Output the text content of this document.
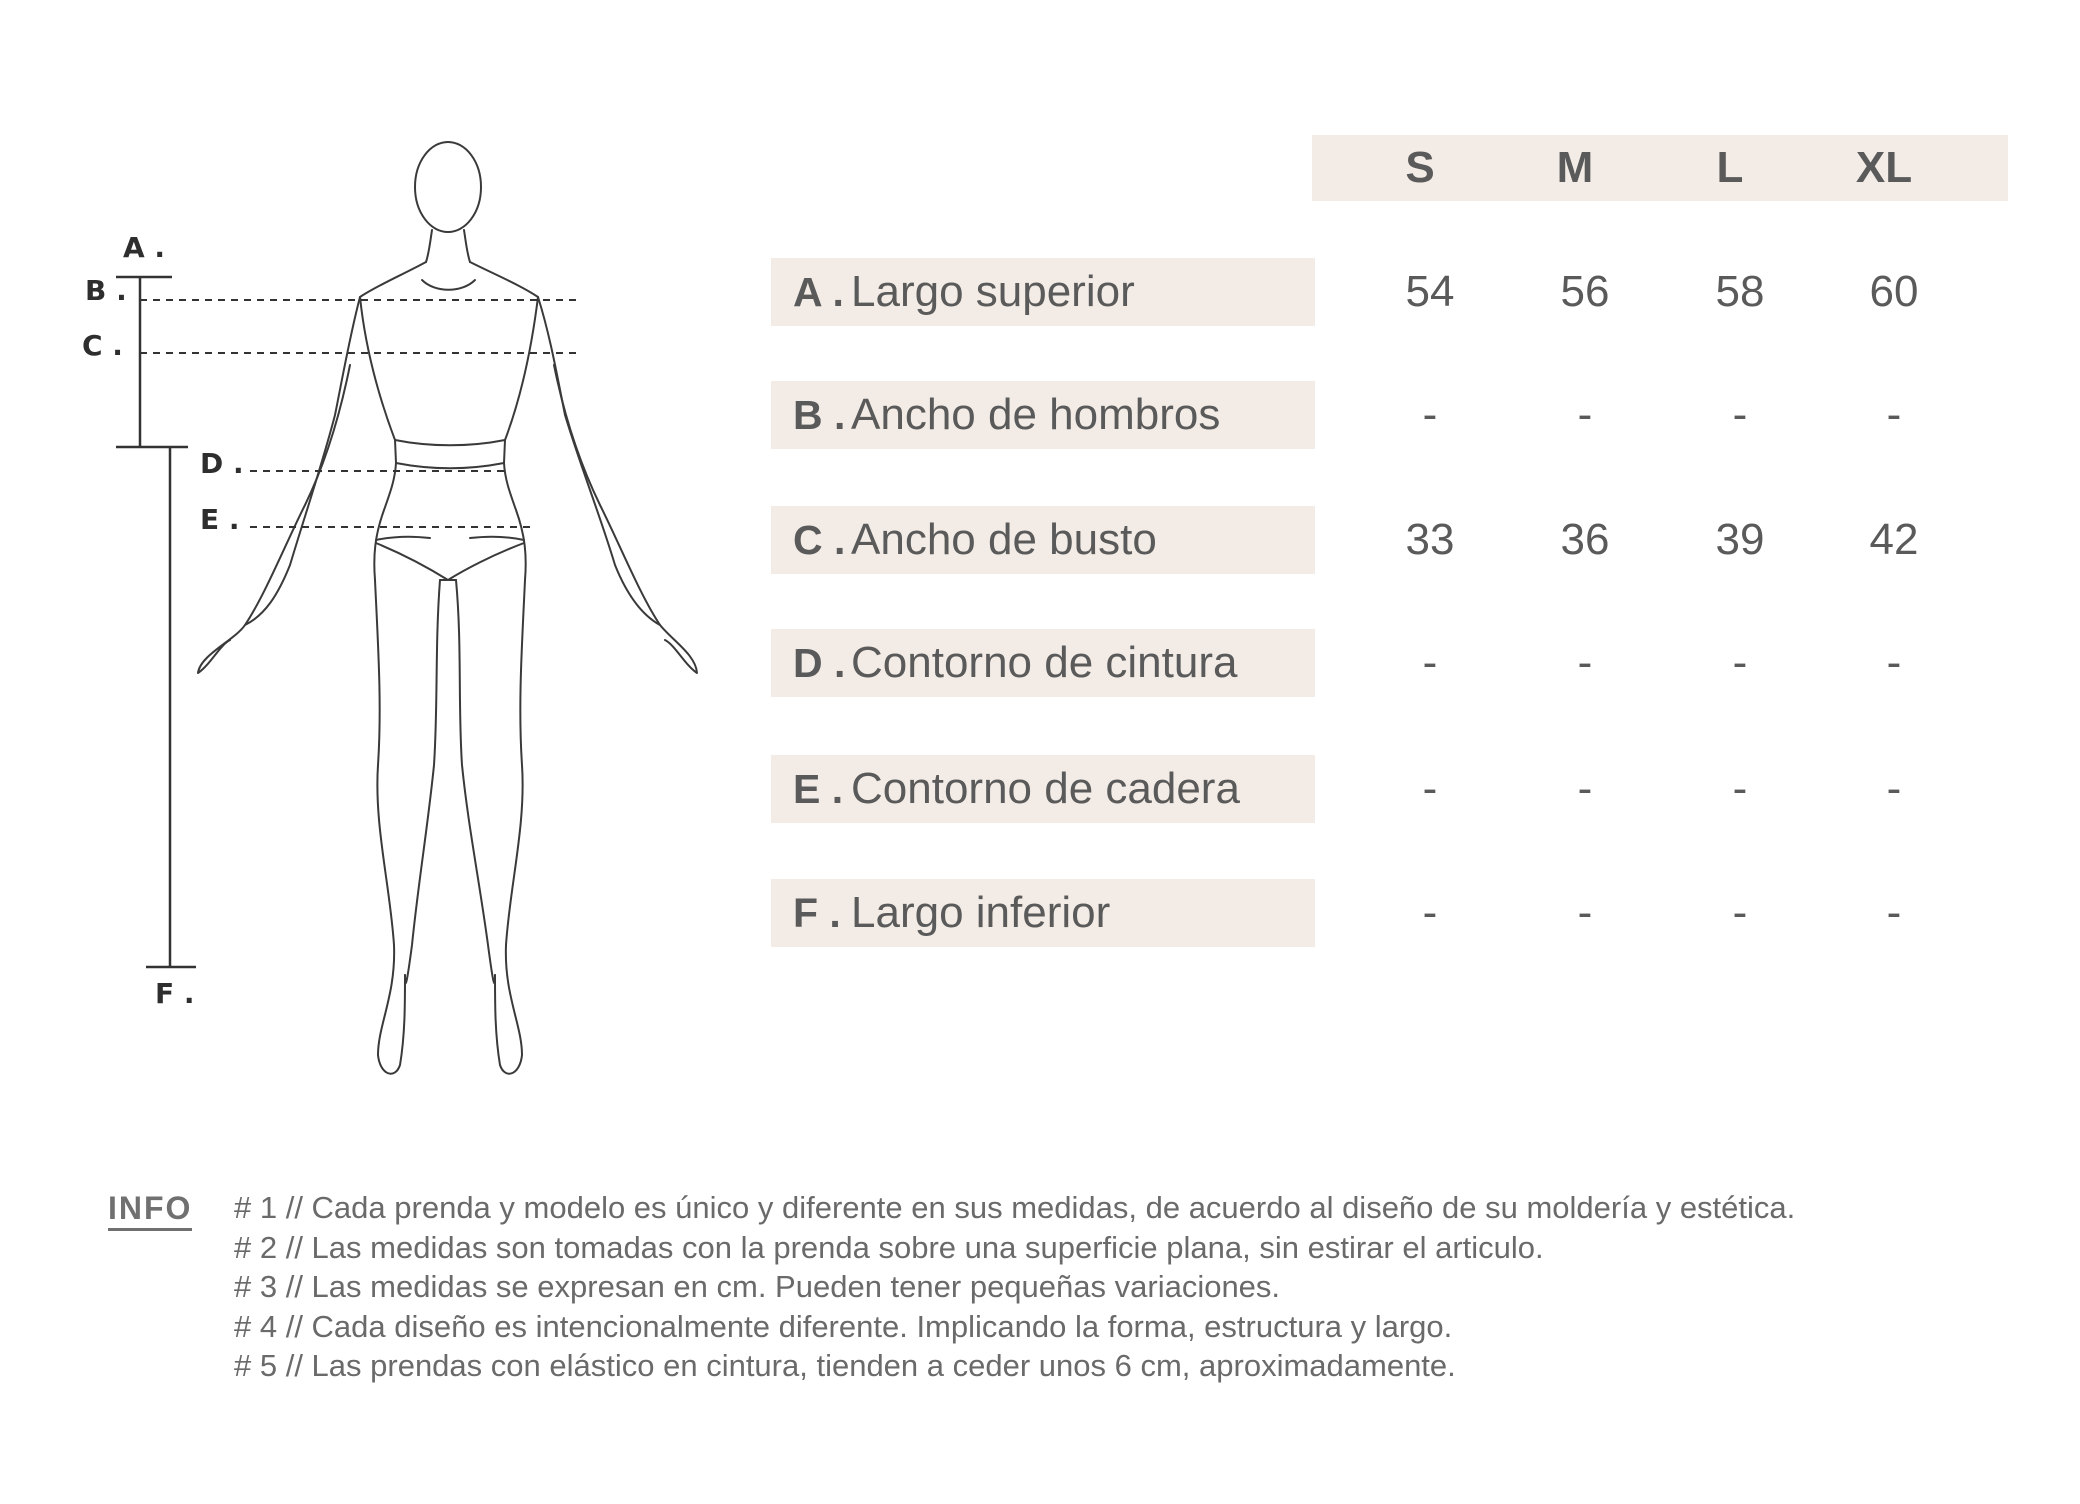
A .
B .
C .
D .
E .
F .
S	M	L	XL
A . Largo superior	54	56	58	60
B . Ancho de hombros	-	-	-	-
C . Ancho de busto	33	36	39	42
D . Contorno de cintura	-	-	-	-
E . Contorno de cadera	-	-	-	-
F . Largo inferior	-	-	-	-
INFO # 1 // Cada prenda y modelo es único y diferente en sus medidas, de acuerdo al diseño de su moldería y estética.
# 2 // Las medidas son tomadas con la prenda sobre una superficie plana, sin estirar el articulo.
# 3 // Las medidas se expresan en cm. Pueden tener pequeñas variaciones.
# 4 // Cada diseño es intencionalmente diferente. Implicando la forma, estructura y largo.
# 5 // Las prendas con elástico en cintura, tienden a ceder unos 6 cm, aproximadamente.
